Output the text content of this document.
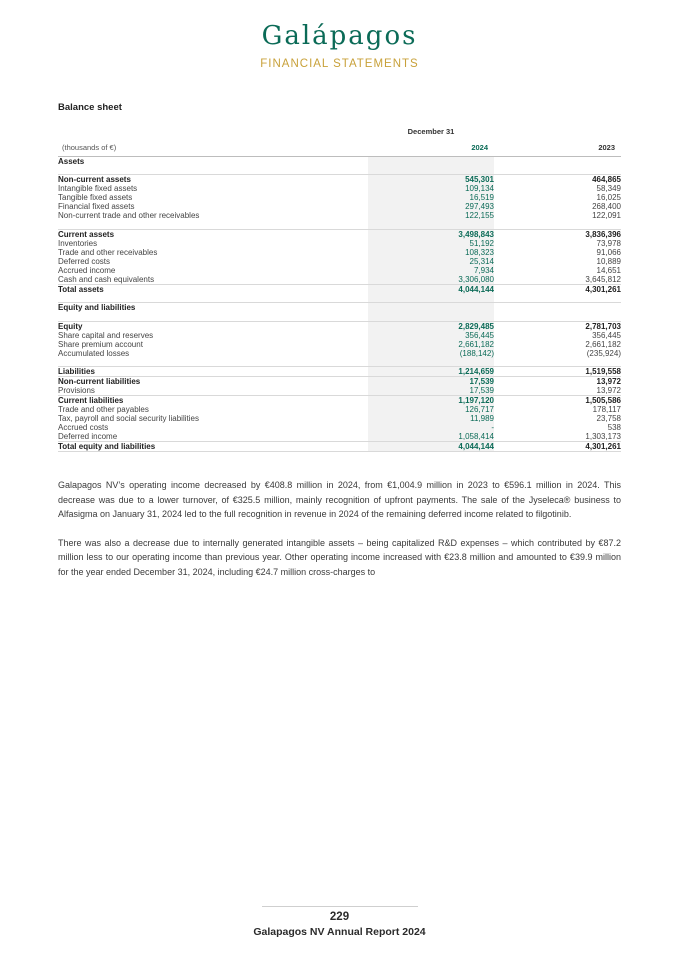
Galápagos
FINANCIAL STATEMENTS
Balance sheet
	December 31	
(thousands of €)	2024	2023
Assets		

Non-current assets	545,301	464,865
Intangible fixed assets	109,134	58,349
Tangible fixed assets	16,519	16,025
Financial fixed assets	297,493	268,400
Non-current trade and other receivables	122,155	122,091

Current assets	3,498,843	3,836,396
Inventories	51,192	73,978
Trade and other receivables	108,323	91,066
Deferred costs	25,314	10,889
Accrued income	7,934	14,651
Cash and cash equivalents	3,306,080	3,645,812
Total assets	4,044,144	4,301,261

Equity and liabilities		

Equity	2,829,485	2,781,703
Share capital and reserves	356,445	356,445
Share premium account	2,661,182	2,661,182
Accumulated losses	(188,142)	(235,924)

Liabilities	1,214,659	1,519,558
Non-current liabilities	17,539	13,972
Provisions	17,539	13,972
Current liabilities	1,197,120	1,505,586
Trade and other payables	126,717	178,117
Tax, payroll and social security liabilities	11,989	23,758
Accrued costs	-	538
Deferred income	1,058,414	1,303,173
Total equity and liabilities	4,044,144	4,301,261

Galapagos NV’s operating income decreased by €408.8 million in 2024, from €1,004.9 million in 2023 to €596.1 million in 2024. This decrease was due to a lower turnover, of €325.5 million, mainly recognition of upfront payments. The sale of the Jyseleca® business to Alfasigma on January 31, 2024 led to the full recognition in revenue in 2024 of the remaining deferred income related to filgotinib.

There was also a decrease due to internally generated intangible assets – being capitalized R&D expenses – which contributed by €87.2 million less to our operating income than previous year. Other operating income increased with €23.8 million and amounted to €39.9 million for the year ended December 31, 2024, including €24.7 million cross-charges to

229
Galapagos NV Annual Report 2024
